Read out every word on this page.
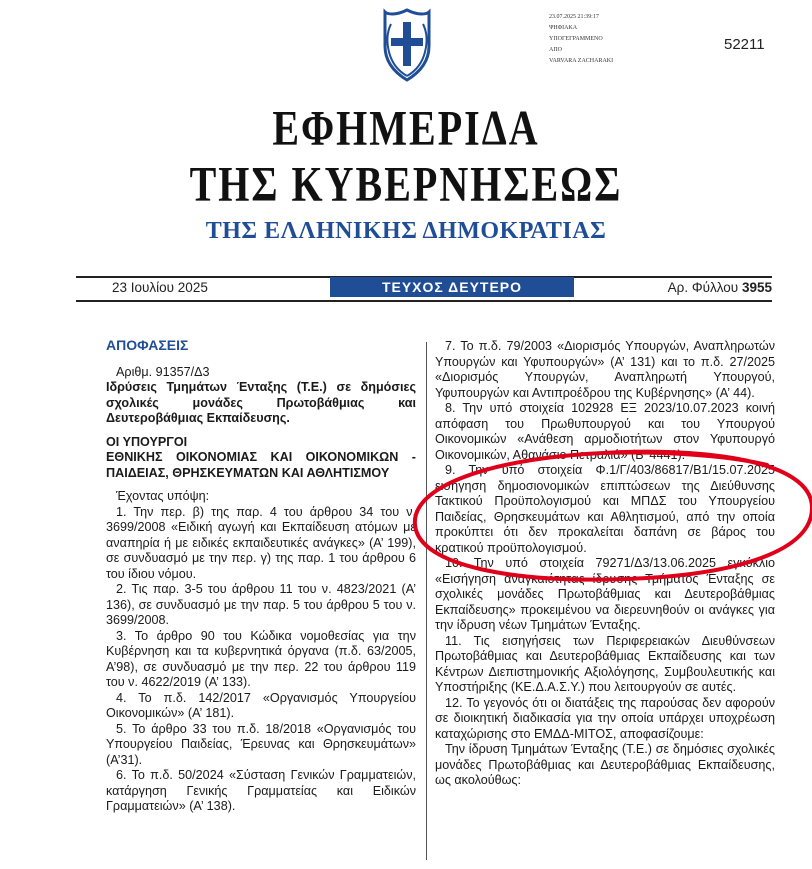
23.07.2025 21:39:17
ΨΗΦΙΑΚΑ
ΥΠΟΓΕΓΡΑΜΜΕΝΟ
ΑΠΟ
VARVARA ZACHARAKI
52211
ΕΦΗΜΕΡΙΔΑ
ΤΗΣ ΚΥΒΕΡΝΗΣΕΩΣ
ΤΗΣ ΕΛΛΗΝΙΚΗΣ ΔΗΜΟΚΡΑΤΙΑΣ
23 Ιουλίου 2025	ΤΕΥΧΟΣ ΔΕΥΤΕΡΟ	Αρ. Φύλλου 3955
ΑΠΟΦΑΣΕΙΣ
Αριθμ. 91357/Δ3
Ιδρύσεις Τμημάτων Ένταξης (Τ.Ε.) σε δημόσιες σχολικές μονάδες Πρωτοβάθμιας και Δευτεροβάθμιας Εκπαίδευσης.
ΟΙ ΥΠΟΥΡΓΟΙ
ΕΘΝΙΚΗΣ ΟΙΚΟΝΟΜΙΑΣ ΚΑΙ ΟΙΚΟΝΟΜΙΚΩΝ - ΠΑΙΔΕΙΑΣ, ΘΡΗΣΚΕΥΜΑΤΩΝ ΚΑΙ ΑΘΛΗΤΙΣΜΟΥ

Έχοντας υπόψη:

1. Την περ. β) της παρ. 4 του άρθρου 34 του ν. 3699/2008 «Ειδική αγωγή και Εκπαίδευση ατόμων με αναπηρία ή με ειδικές εκπαιδευτικές ανάγκες» (Α’ 199), σε συνδυασμό με την περ. γ) της παρ. 1 του άρθρου 6 του ίδιου νόμου.

2. Τις παρ. 3-5 του άρθρου 11 του ν. 4823/2021 (Α’ 136), σε συνδυασμό με την παρ. 5 του άρθρου 5 του ν. 3699/2008.

3. Το άρθρο 90 του Κώδικα νομοθεσίας για την Κυβέρνηση και τα κυβερνητικά όργανα (π.δ. 63/2005, Α’98), σε συνδυασμό με την περ. 22 του άρθρου 119 του ν. 4622/2019 (Α’ 133).

4. Το π.δ. 142/2017 «Οργανισμός Υπουργείου Οικονομικών» (Α’ 181).

5. Το άρθρο 33 του π.δ. 18/2018 «Οργανισμός του Υπουργείου Παιδείας, Έρευνας και Θρησκευμάτων» (Α’31).

6. Το π.δ. 50/2024 «Σύσταση Γενικών Γραμματειών, κατάργηση Γενικής Γραμματείας και Ειδικών Γραμματειών» (Α’ 138).

7. Το π.δ. 79/2003 «Διορισμός Υπουργών, Αναπληρωτών Υπουργών και Υφυπουργών» (Α’ 131) και το π.δ. 27/2025 «Διορισμός Υπουργών, Αναπληρωτή Υπουργού, Υφυπουργών και Αντιπροέδρου της Κυβέρνησης» (Α’ 44).

8. Την υπό στοιχεία 102928 ΕΞ 2023/10.07.2023 κοινή απόφαση του Πρωθυπουργού και του Υπουργού Οικονομικών «Ανάθεση αρμοδιοτήτων στον Υφυπουργό Οικονομικών, Αθανάσιο Πετραλιά» (Β’ 4441).

9. Την υπό στοιχεία Φ.1/Γ/403/86817/Β1/15.07.2025 εισήγηση δημοσιονομικών επιπτώσεων της Διεύθυνσης Τακτικού Προϋπολογισμού και ΜΠΔΣ του Υπουργείου Παιδείας, Θρησκευμάτων και Αθλητισμού, από την οποία προκύπτει ότι δεν προκαλείται δαπάνη σε βάρος του κρατικού προϋπολογισμού.

10. Την υπό στοιχεία 79271/Δ3/13.06.2025 εγκύκλιο «Εισήγηση αναγκαιότητας ίδρυσης Τμήματος Ένταξης σε σχολικές μονάδες Πρωτοβάθμιας και Δευτεροβάθμιας Εκπαίδευσης» προκειμένου να διερευνηθούν οι ανάγκες για την ίδρυση νέων Τμημάτων Ένταξης.

11. Τις εισηγήσεις των Περιφερειακών Διευθύνσεων Πρωτοβάθμιας και Δευτεροβάθμιας Εκπαίδευσης και των Κέντρων Διεπιστημονικής Αξιολόγησης, Συμβουλευτικής και Υποστήριξης (ΚΕ.Δ.Α.Σ.Υ.) που λειτουργούν σε αυτές.

12. Το γεγονός ότι οι διατάξεις της παρούσας δεν αφορούν σε διοικητική διαδικασία για την οποία υπάρχει υποχρέωση καταχώρισης στο ΕΜΔΔ-ΜΙΤΟΣ, αποφασίζουμε:

Την ίδρυση Τμημάτων Ένταξης (Τ.Ε.) σε δημόσιες σχολικές μονάδες Πρωτοβάθμιας και Δευτεροβάθμιας Εκπαίδευσης, ως ακολούθως:
